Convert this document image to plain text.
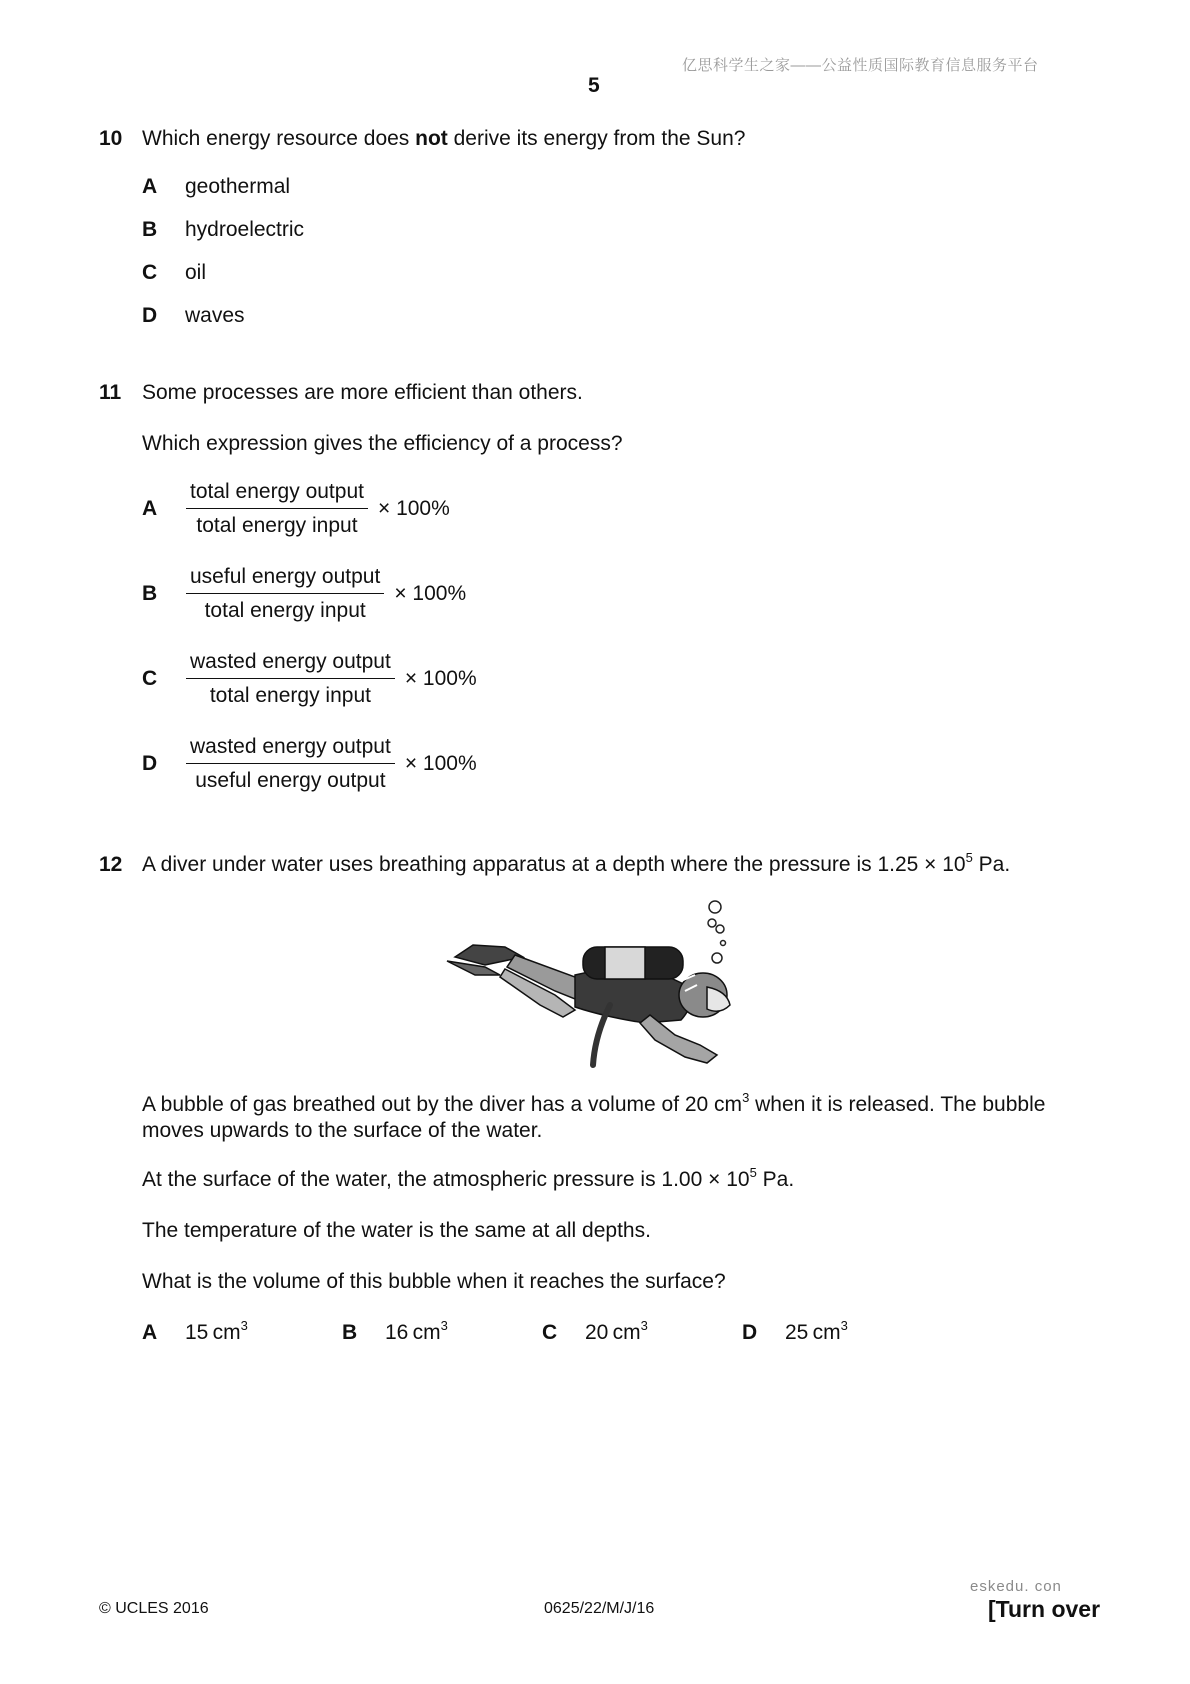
亿思科学生之家——公益性质国际教育信息服务平台
5
10 Which energy resource does not derive its energy from the Sun?
A geothermal
B hydroelectric
C oil
D waves
11 Some processes are more efficient than others.
Which expression gives the efficiency of a process?
A $\frac{\text{total energy output}}{\text{total energy input}} \times 100\%$
B $\frac{\text{useful energy output}}{\text{total energy input}} \times 100\%$
C $\frac{\text{wasted energy output}}{\text{total energy input}} \times 100\%$
D $\frac{\text{wasted energy output}}{\text{useful energy output}} \times 100\%$
12 A diver under water uses breathing apparatus at a depth where the pressure is $1.25 \times 10^5$ Pa.
A bubble of gas breathed out by the diver has a volume of 20 $cm^3$ when it is released. The bubble moves upwards to the surface of the water.
At the surface of the water, the atmospheric pressure is $1.00 \times 10^5$ Pa.
The temperature of the water is the same at all depths.
What is the volume of this bubble when it reaches the surface?
A 15  $cm^3$	B 16  $cm^3$	C 20  $cm^3$	D 25  $cm^3$
© UCLES 2016	0625/22/M/J/16
eskedu. con
[Turn over
